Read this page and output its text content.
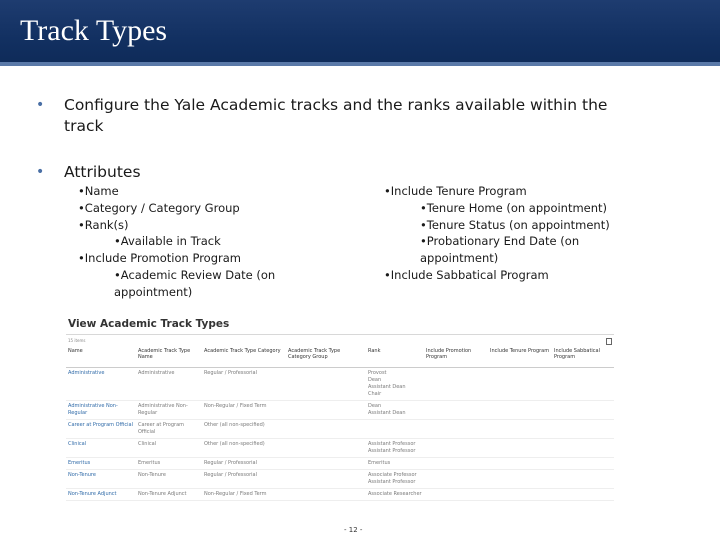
Track Types
• Configure the Yale Academic tracks and the ranks available within the
track
• Attributes
•Name
•Category / Category Group
•Rank(s)
•Available in Track
•Include Promotion Program
•Academic Review Date (on
appointment)
•Include Tenure Program
•Tenure Home (on appointment)
•Tenure Status (on appointment)
•Probationary End Date (on
appointment)
•Include Sabbatical Program
View Academic Track Types
15 items
Name	Academic Track Type Name	Academic Track Type Category	Academic Track Type Category Group	Rank	Include Promotion Program	Include Tenure Program	Include Sabbatical Program
Administrative	Administrative	Regular / Professorial		Provost
Dean
Assistant Dean
Chair			
Administrative Non-Regular	Administrative Non-Regular	Non-Regular / Fixed Term		Dean
Assistant Dean			
Career at Program Official	Career at Program Official	Other (all non-specified)					
Clinical	Clinical	Other (all non-specified)		Assistant Professor
Assistant Professor			
Emeritus	Emeritus	Regular / Professorial		Emeritus			
Non-Tenure	Non-Tenure	Regular / Professorial		Associate Professor
Assistant Professor			
Non-Tenure Adjunct	Non-Tenure Adjunct	Non-Regular / Fixed Term		Associate Researcher			
- 12 -
